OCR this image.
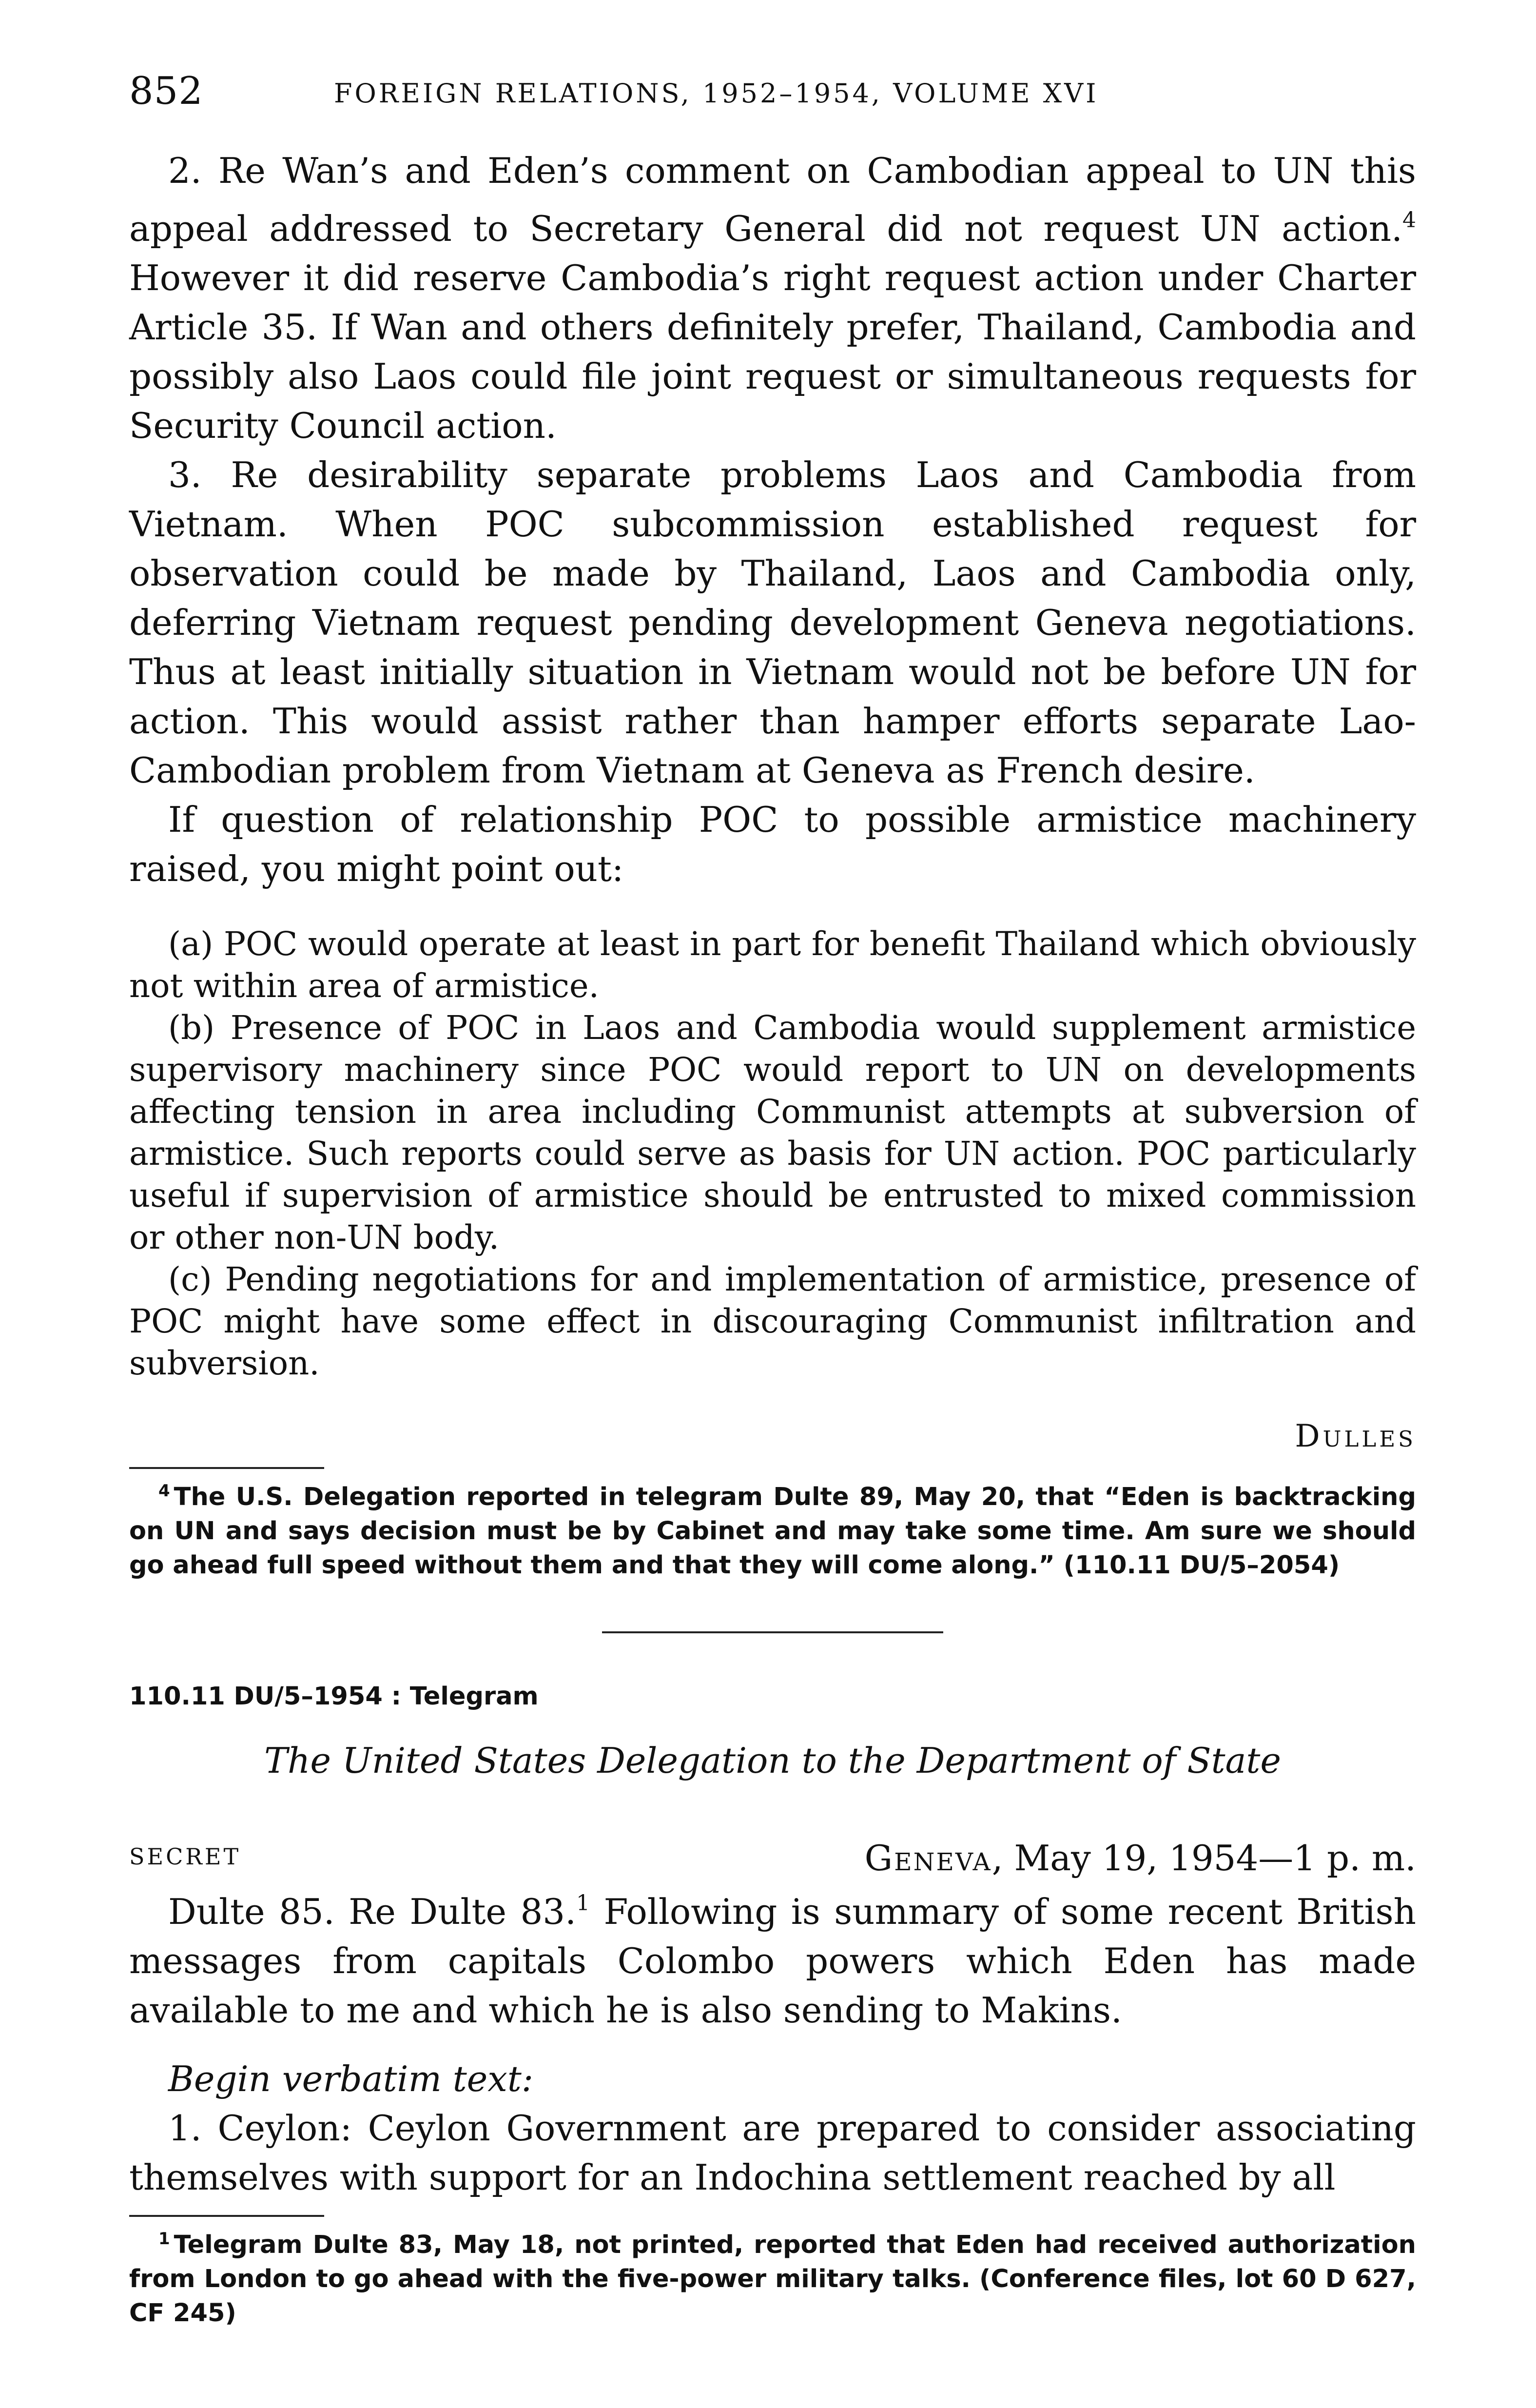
852	FOREIGN RELATIONS, 1952–1954, VOLUME XVI

2. Re Wan’s and Eden’s comment on Cambodian appeal to UN this appeal addressed to Secretary General did not request UN action.$^4$ However it did reserve Cambodia’s right request action under Charter Article 35. If Wan and others definitely prefer, Thailand, Cambodia and possibly also Laos could file joint request or simultaneous requests for Security Council action.

3. Re desirability separate problems Laos and Cambodia from Vietnam. When POC subcommission established request for observation could be made by Thailand, Laos and Cambodia only, deferring Vietnam request pending development Geneva negotiations. Thus at least initially situation in Vietnam would not be before UN for action. This would assist rather than hamper efforts separate Lao-Cambodian problem from Vietnam at Geneva as French desire.

If question of relationship POC to possible armistice machinery raised, you might point out:

(a) POC would operate at least in part for benefit Thailand which obviously not within area of armistice.

(b) Presence of POC in Laos and Cambodia would supplement armistice supervisory machinery since POC would report to UN on developments affecting tension in area including Communist attempts at subversion of armistice. Such reports could serve as basis for UN action. POC particularly useful if supervision of armistice should be entrusted to mixed commission or other non-UN body.

(c) Pending negotiations for and implementation of armistice, presence of POC might have some effect in discouraging Communist infiltration and subversion.

Dulles

$^4$ The U.S. Delegation reported in telegram Dulte 89, May 20, that “Eden is backtracking on UN and says decision must be by Cabinet and may take some time. Am sure we should go ahead full speed without them and that they will come along.” (110.11 DU/5–2054)

110.11 DU/5–1954 : Telegram

The United States Delegation to the Department of State

SECRET	Geneva, May 19, 1954—1 p. m.

Dulte 85. Re Dulte 83.$^1$ Following is summary of some recent British messages from capitals Colombo powers which Eden has made available to me and which he is also sending to Makins.

Begin verbatim text:

1. Ceylon: Ceylon Government are prepared to consider associating themselves with support for an Indochina settlement reached by all

$^1$ Telegram Dulte 83, May 18, not printed, reported that Eden had received authorization from London to go ahead with the five-power military talks. (Conference files, lot 60 D 627, CF 245)
